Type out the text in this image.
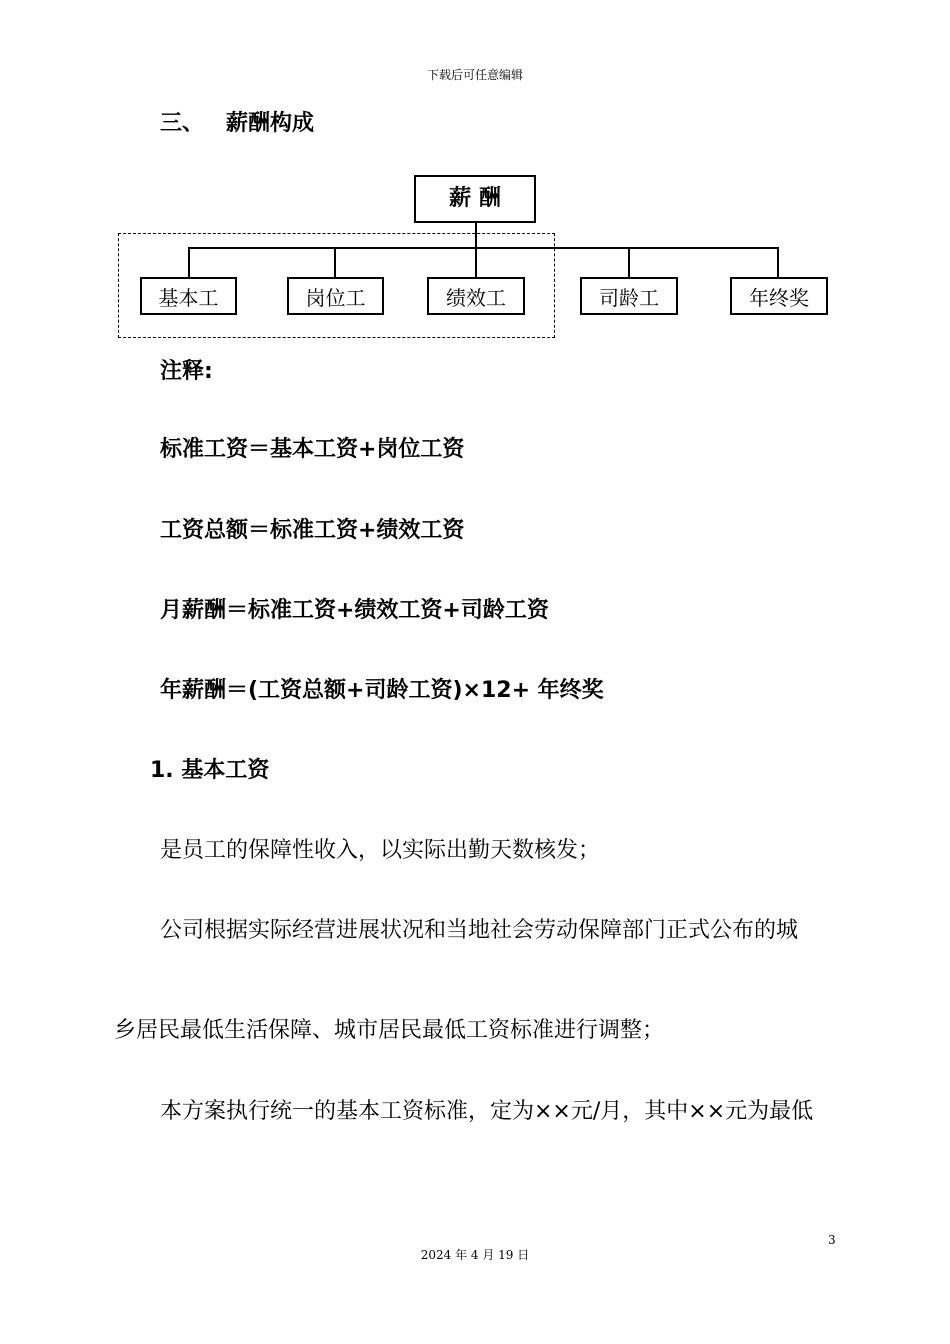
下载后可任意编辑
三、 薪酬构成
薪 酬
基本工	岗位工	绩效工	司龄工	年终奖
注释:
标准工资＝基本工资+岗位工资
工资总额＝标准工资+绩效工资
月薪酬＝标准工资+绩效工资+司龄工资
年薪酬＝(工资总额+司龄工资)×12+ 年终奖
1. 基本工资
是员工的保障性收入，以实际出勤天数核发；
公司根据实际经营进展状况和当地社会劳动保障部门正式公布的城
乡居民最低生活保障、城市居民最低工资标准进行调整；
本方案执行统一的基本工资标准，定为××元/月，其中××元为最低
3
2024 年 4 月 19 日
